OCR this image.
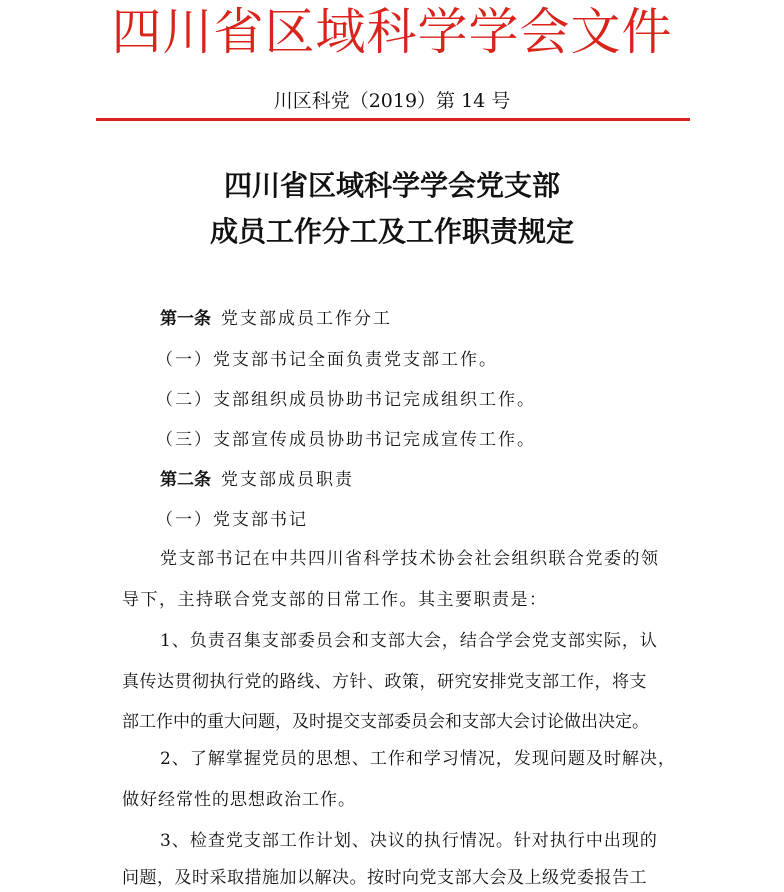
四川省区域科学学会文件
川区科党（2019）第 14 号
四川省区域科学学会党支部
成员工作分工及工作职责规定
第一条 党支部成员工作分工
（一）党支部书记全面负责党支部工作。
（二）支部组织成员协助书记完成组织工作。
（三）支部宣传成员协助书记完成宣传工作。
第二条 党支部成员职责
（一）党支部书记
党支部书记在中共四川省科学技术协会社会组织联合党委的领
导下，主持联合党支部的日常工作。其主要职责是：
1、负责召集支部委员会和支部大会，结合学会党支部实际，认
真传达贯彻执行党的路线、方针、政策，研究安排党支部工作，将支
部工作中的重大问题，及时提交支部委员会和支部大会讨论做出决定。
2、了解掌握党员的思想、工作和学习情况，发现问题及时解决，
做好经常性的思想政治工作。
3、检查党支部工作计划、决议的执行情况。针对执行中出现的
问题，及时采取措施加以解决。按时向党支部大会及上级党委报告工
